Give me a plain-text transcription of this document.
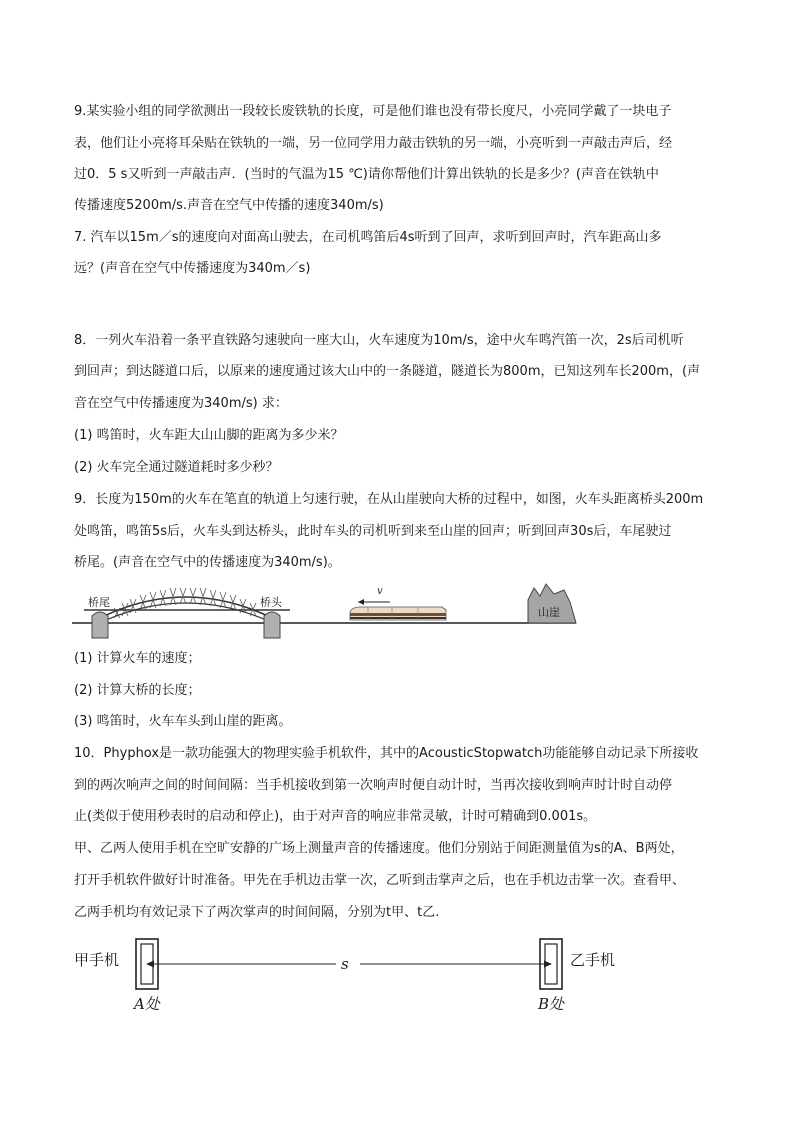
9.某实验小组的同学欲测出一段较长废铁轨的长度，可是他们谁也没有带长度尺，小亮同学戴了一块电子
表，他们让小亮将耳朵贴在铁轨的一端，另一位同学用力敲击铁轨的另一端，小亮听到一声敲击声后，经
过0．5 s又听到一声敲击声．(当时的气温为15 ℃)请你帮他们计算出铁轨的长是多少？(声音在铁轨中
传播速度5200m/s.声音在空气中传播的速度340m/s)
7. 汽车以15m／s的速度向对面高山驶去，在司机鸣笛后4s听到了回声，求听到回声时，汽车距高山多
远？(声音在空气中传播速度为340m／s)
8．一列火车沿着一条平直铁路匀速驶向一座大山，火车速度为10m/s，途中火车鸣汽笛一次，2s后司机听
到回声；到达隧道口后，以原来的速度通过该大山中的一条隧道，隧道长为800m，已知这列车长200m，(声
音在空气中传播速度为340m/s) 求：
(1) 鸣笛时，火车距大山山脚的距离为多少米？
(2) 火车完全通过隧道耗时多少秒？
9．长度为150m的火车在笔直的轨道上匀速行驶，在从山崖驶向大桥的过程中，如图，火车头距离桥头200m
处鸣笛，鸣笛5s后，火车头到达桥头，此时车头的司机听到来至山崖的回声；听到回声30s后，车尾驶过
桥尾。(声音在空气中的传播速度为340m/s)。
桥尾	桥头
v
山崖
(1) 计算火车的速度；
(2) 计算大桥的长度；
(3) 鸣笛时，火车车头到山崖的距离。
10．Phyphox是一款功能强大的物理实验手机软件，其中的AcousticStopwatch功能能够自动记录下所接收
到的两次响声之间的时间间隔：当手机接收到第一次响声时便自动计时，当再次接收到响声时计时自动停
止(类似于使用秒表时的启动和停止)，由于对声音的响应非常灵敏，计时可精确到0.001s。
甲、乙两人使用手机在空旷安静的广场上测量声音的传播速度。他们分别站于间距测量值为s的A、B两处，
打开手机软件做好计时准备。甲先在手机边击掌一次，乙听到击掌声之后，也在手机边击掌一次。查看甲、
乙两手机均有效记录下了两次掌声的时间间隔，分别为t甲、t乙.
甲手机	乙手机
s
A处	B处
